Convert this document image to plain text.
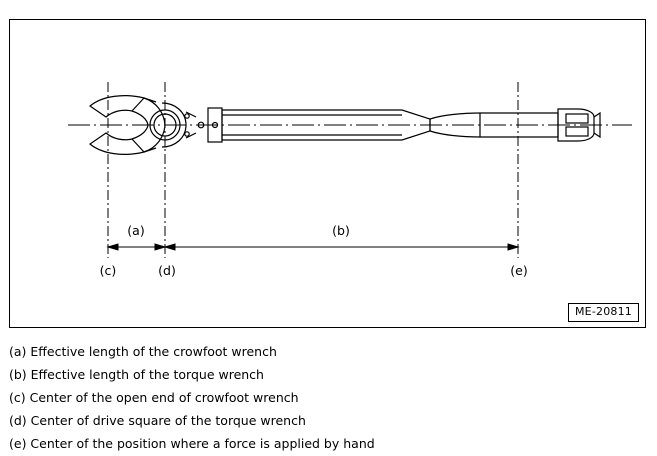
(a)	(b)
(c)	(d)	(e)
ME-20811
(a) Effective length of the crowfoot wrench
(b) Effective length of the torque wrench
(c) Center of the open end of crowfoot wrench
(d) Center of drive square of the torque wrench
(e) Center of the position where a force is applied by hand
